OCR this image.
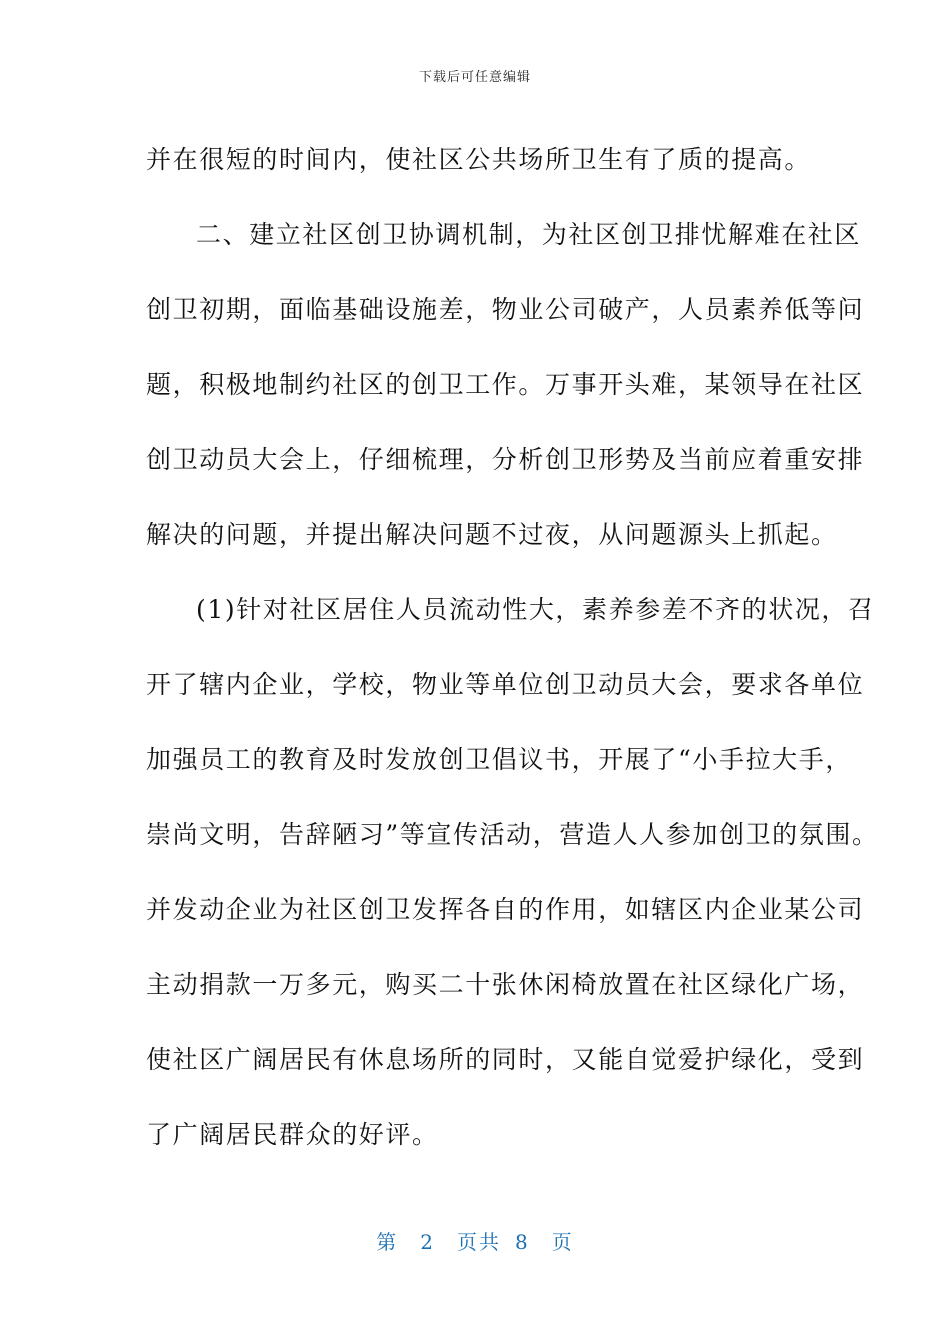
下载后可任意编辑
并在很短的时间内，使社区公共场所卫生有了质的提高。
二、建立社区创卫协调机制，为社区创卫排忧解难在社区
创卫初期，面临基础设施差，物业公司破产，人员素养低等问
题，积极地制约社区的创卫工作。万事开头难，某领导在社区
创卫动员大会上，仔细梳理，分析创卫形势及当前应着重安排
解决的问题，并提出解决问题不过夜，从问题源头上抓起。
(1)针对社区居住人员流动性大，素养参差不齐的状况，召
开了辖内企业，学校，物业等单位创卫动员大会，要求各单位
加强员工的教育及时发放创卫倡议书，开展了“小手拉大手，
崇尚文明，告辞陋习”等宣传活动，营造人人参加创卫的氛围。
并发动企业为社区创卫发挥各自的作用，如辖区内企业某公司
主动捐款一万多元，购买二十张休闲椅放置在社区绿化广场，
使社区广阔居民有休息场所的同时，又能自觉爱护绿化，受到
了广阔居民群众的好评。
第 2 页共 8 页
